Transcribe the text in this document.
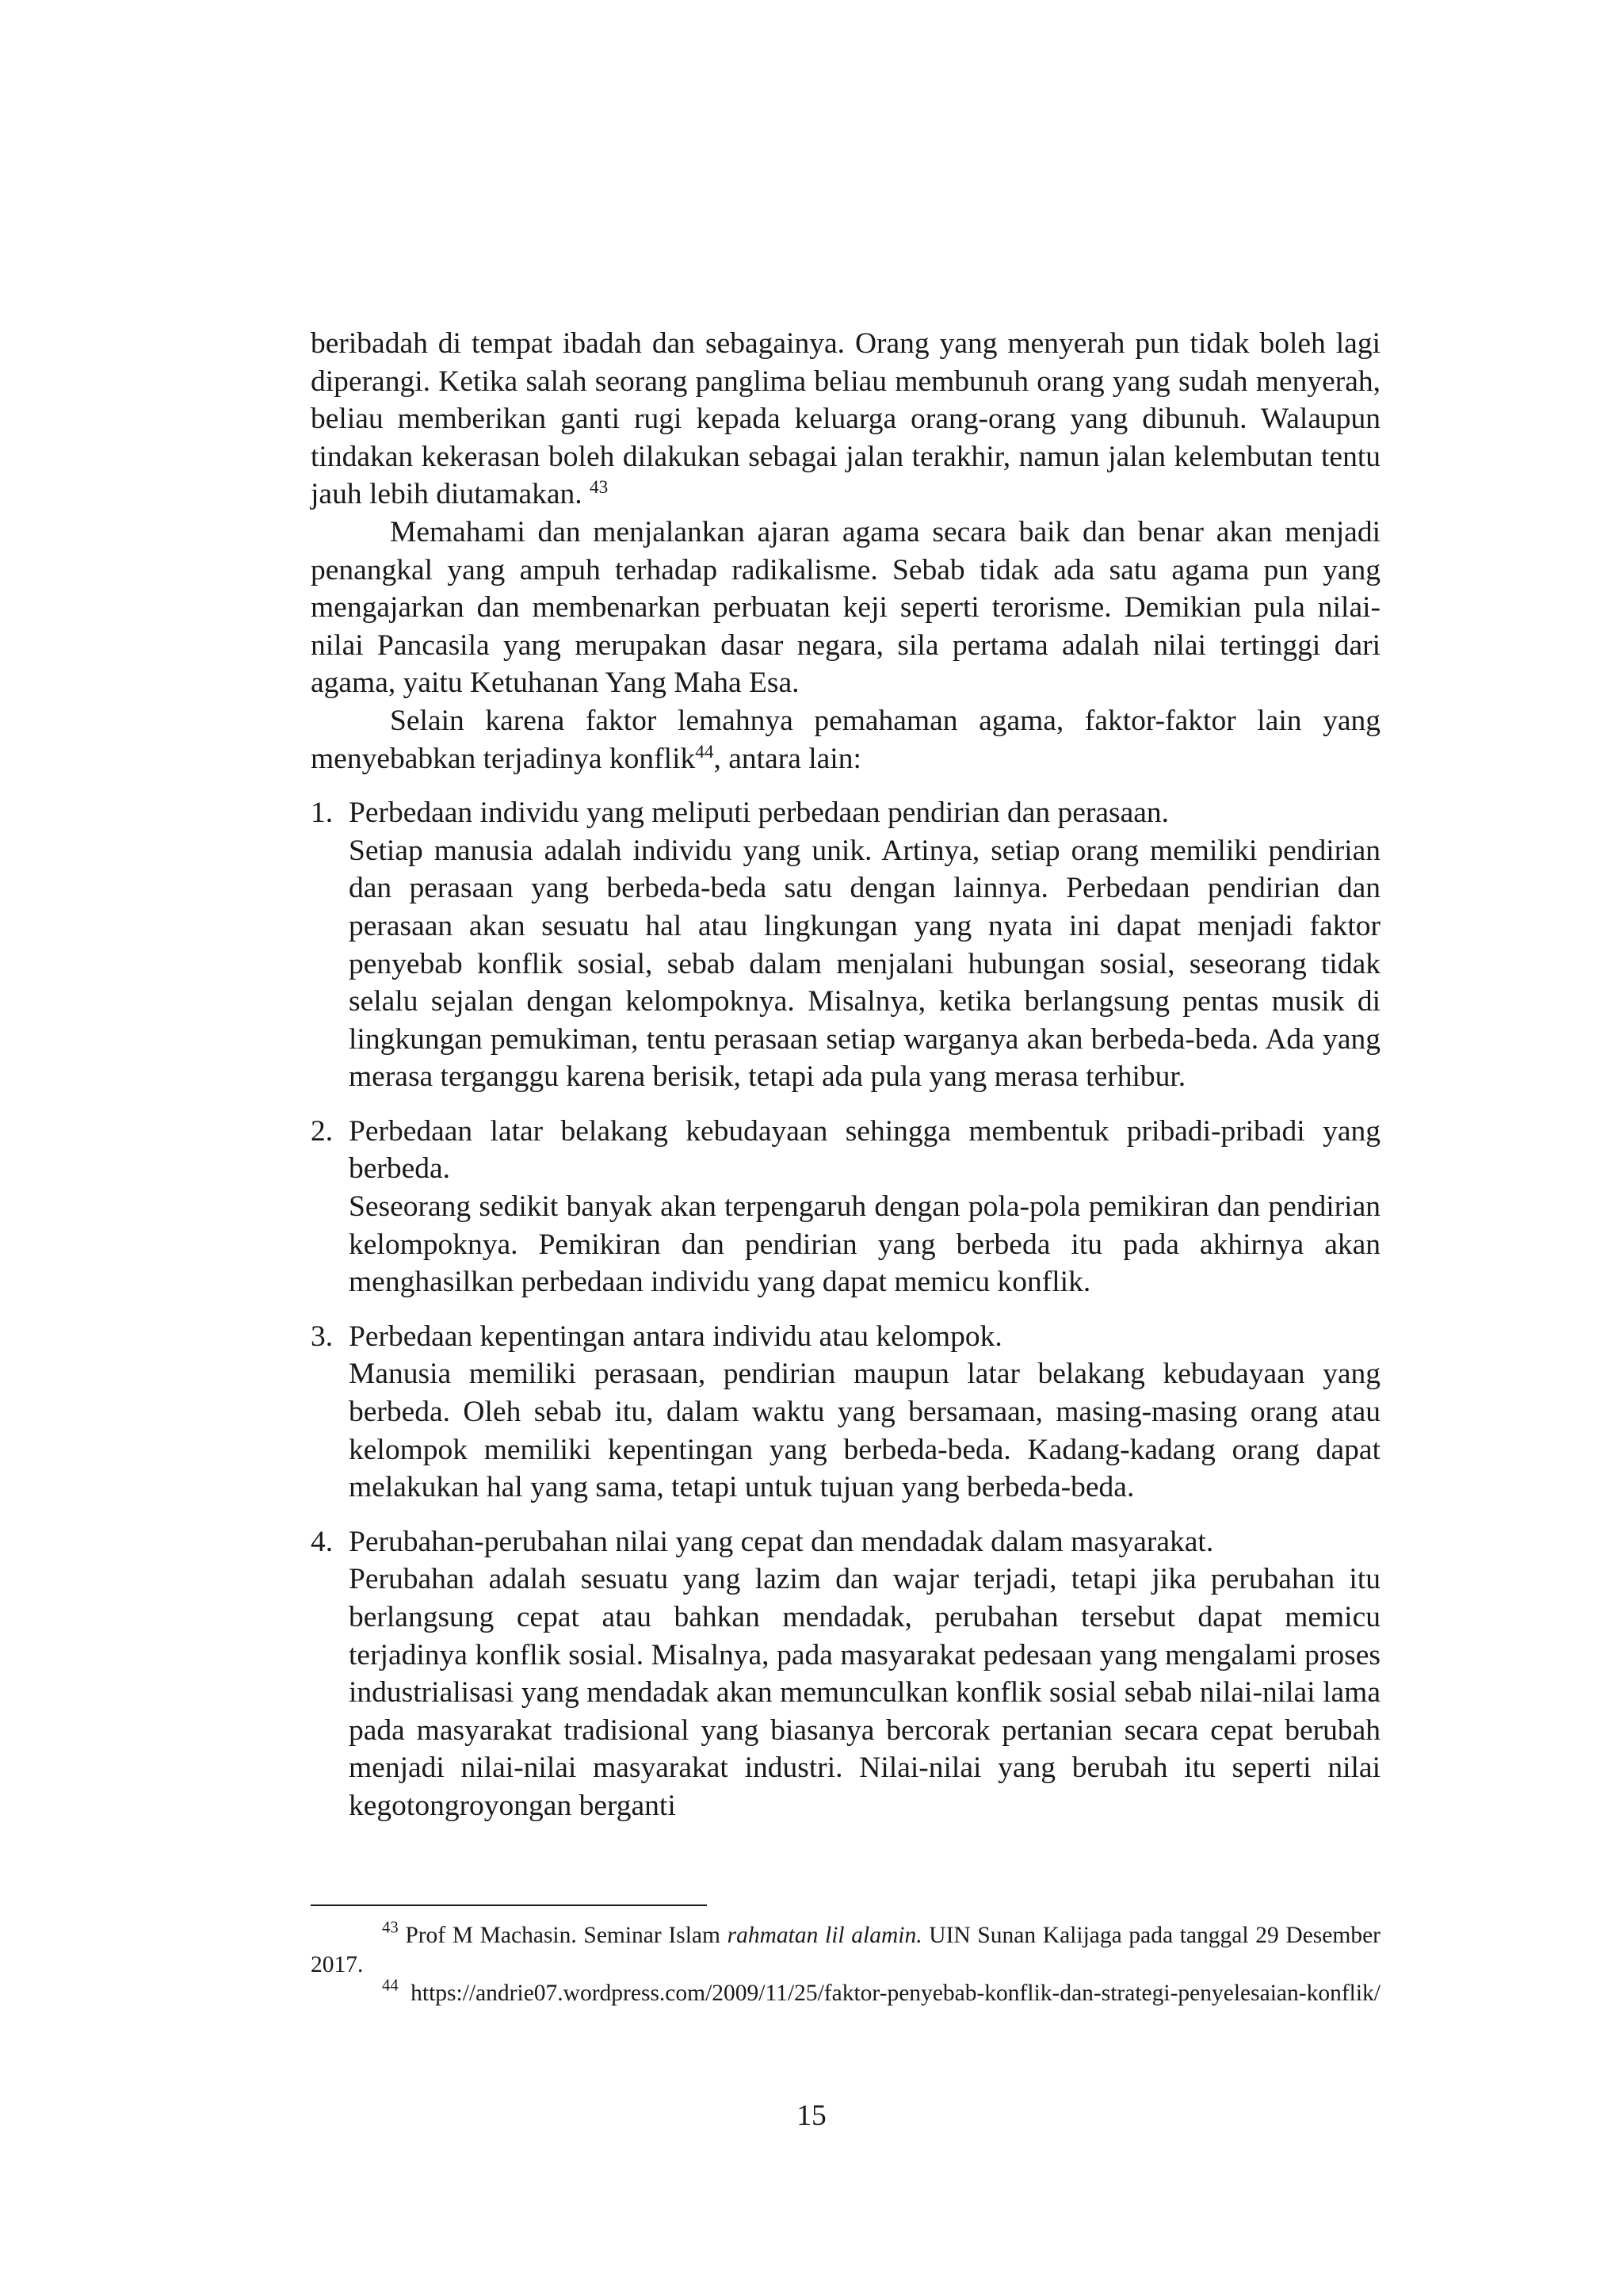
beribadah di tempat ibadah dan sebagainya. Orang yang menyerah pun tidak boleh lagi diperangi. Ketika salah seorang panglima beliau membunuh orang yang sudah menyerah, beliau memberikan ganti rugi kepada keluarga orang-orang yang dibunuh. Walaupun tindakan kekerasan boleh dilakukan sebagai jalan terakhir, namun jalan kelembutan tentu jauh lebih diutamakan. $^{43}$

Memahami dan menjalankan ajaran agama secara baik dan benar akan menjadi penangkal yang ampuh terhadap radikalisme. Sebab tidak ada satu agama pun yang mengajarkan dan membenarkan perbuatan keji seperti terorisme. Demikian pula nilai-nilai Pancasila yang merupakan dasar negara, sila pertama adalah nilai tertinggi dari agama, yaitu Ketuhanan Yang Maha Esa.

Selain karena faktor lemahnya pemahaman agama, faktor-faktor lain yang menyebabkan terjadinya konflik$^{44}$, antara lain:

1. Perbedaan individu yang meliputi perbedaan pendirian dan perasaan.

Setiap manusia adalah individu yang unik. Artinya, setiap orang memiliki pendirian dan perasaan yang berbeda-beda satu dengan lainnya. Perbedaan pendirian dan perasaan akan sesuatu hal atau lingkungan yang nyata ini dapat menjadi faktor penyebab konflik sosial, sebab dalam menjalani hubungan sosial, seseorang tidak selalu sejalan dengan kelompoknya. Misalnya, ketika berlangsung pentas musik di lingkungan pemukiman, tentu perasaan setiap warganya akan berbeda-beda. Ada yang merasa terganggu karena berisik, tetapi ada pula yang merasa terhibur.

2. Perbedaan latar belakang kebudayaan sehingga membentuk pribadi-pribadi yang berbeda.

Seseorang sedikit banyak akan terpengaruh dengan pola-pola pemikiran dan pendirian kelompoknya. Pemikiran dan pendirian yang berbeda itu pada akhirnya akan menghasilkan perbedaan individu yang dapat memicu konflik.

3. Perbedaan kepentingan antara individu atau kelompok.

Manusia memiliki perasaan, pendirian maupun latar belakang kebudayaan yang berbeda. Oleh sebab itu, dalam waktu yang bersamaan, masing-masing orang atau kelompok memiliki kepentingan yang berbeda-beda. Kadang-kadang orang dapat melakukan hal yang sama, tetapi untuk tujuan yang berbeda-beda.

4. Perubahan-perubahan nilai yang cepat dan mendadak dalam masyarakat.

Perubahan adalah sesuatu yang lazim dan wajar terjadi, tetapi jika perubahan itu berlangsung cepat atau bahkan mendadak, perubahan tersebut dapat memicu terjadinya konflik sosial. Misalnya, pada masyarakat pedesaan yang mengalami proses industrialisasi yang mendadak akan memunculkan konflik sosial sebab nilai-nilai lama pada masyarakat tradisional yang biasanya bercorak pertanian secara cepat berubah menjadi nilai-nilai masyarakat industri. Nilai-nilai yang berubah itu seperti nilai kegotongroyongan berganti

$^{43}$ Prof M Machasin. Seminar Islam rahmatan lil alamin. UIN Sunan Kalijaga pada tanggal 29 Desember 2017.

$^{44}$ https://andrie07.wordpress.com/2009/11/25/faktor-penyebab-konflik-dan-strategi-penyelesaian-konflik/

15
